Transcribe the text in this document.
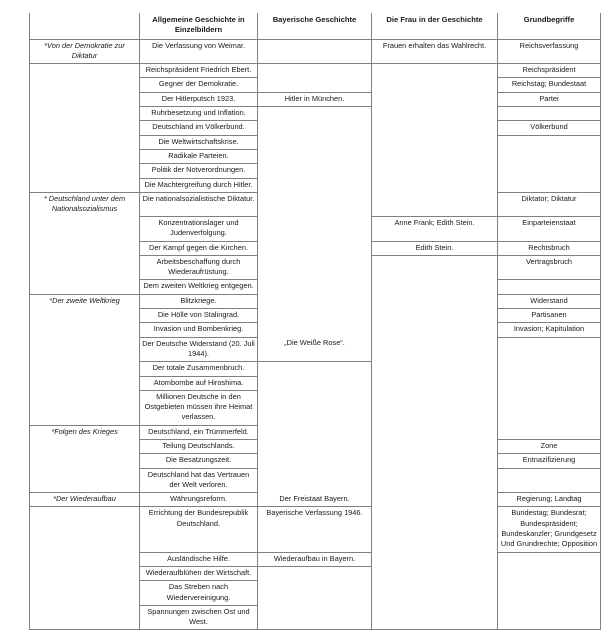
	Allgemeine Geschichte in Einzelbildern	Bayerische Geschichte	Die Frau in der Geschichte	Grundbegriffe
*Von der Demokratie zur Diktatur	Die Verfassung von Weimar.		Frauen erhalten das Wahlrecht.	Reichsverfassung
	Reichspräsident Friedrich Ebert.			Reichspräsident
	Gegner der Demokratie.			Reichstag; Bundestaat
	Der Hitlerputsch 1923.	Hitler in München.		Partei
	Ruhrbesetzung und Inflation.			
	Deutschland im Völkerbund.			Völkerbund
	Die Weltwirtschaftskrise.			
	Radikale Parteien.			
	Politik der Notverordnungen.			
	Die Machtergreifung durch Hitler.			
* Deutschland unter dem Nationalsozialismus	Die nationalsozialistische Diktatur.			Diktator; Diktatur
	Konzentrationslager und Judenverfolgung.		Anne Frank; Edith Stein.	Einparteienstaat
	Der Kampf gegen die Kirchen.		Edith Stein.	Rechtsbruch
	Arbeitsbeschaffung durch Wiederaufrüstung.			Vertragsbruch
	Dem zweiten Weltkrieg entgegen.			
*Der zweite Weltkrieg	Blitzkriege.			Widerstand
	Die Hölle von Stalingrad.			Partisanen
	Invasion und Bombenkrieg.			Invasion; Kapitulation
	Der Deutsche Widerstand (20. Juli 1944).	„Die Weiße Rose“.		
	Der totale Zusammenbruch.			
	Atombombe auf Hiroshima.			
	Millionen Deutsche in den Ostgebieten müssen ihre Heimat verlassen.			
*Folgen des Krieges	Deutschland, ein Trümmerfeld.			
	Teilung Deutschlands.			Zone
	Die Besatzungszeit.			Entnazifizierung
	Deutschland hat das Vertrauen der Welt verloren.			
*Der Wiederaufbau	Währungsreform.	Der Freistaat Bayern.		Regierung; Landtag
	Errichtung der Bundesrepublik Deutschland.	Bayerische Verfassung 1946.		Bundestag; Bundesrat; Bundespräsident; Bundeskanzler; Grundgesetz Und Grundrechte; Opposition
	Ausländische Hilfe.	Wiederaufbau in Bayern.		
	Wiederaufblühen der Wirtschaft.			
	Das Streben nach Wiedervereinigung.			
	Spannungen zwischen Ost und West.			
